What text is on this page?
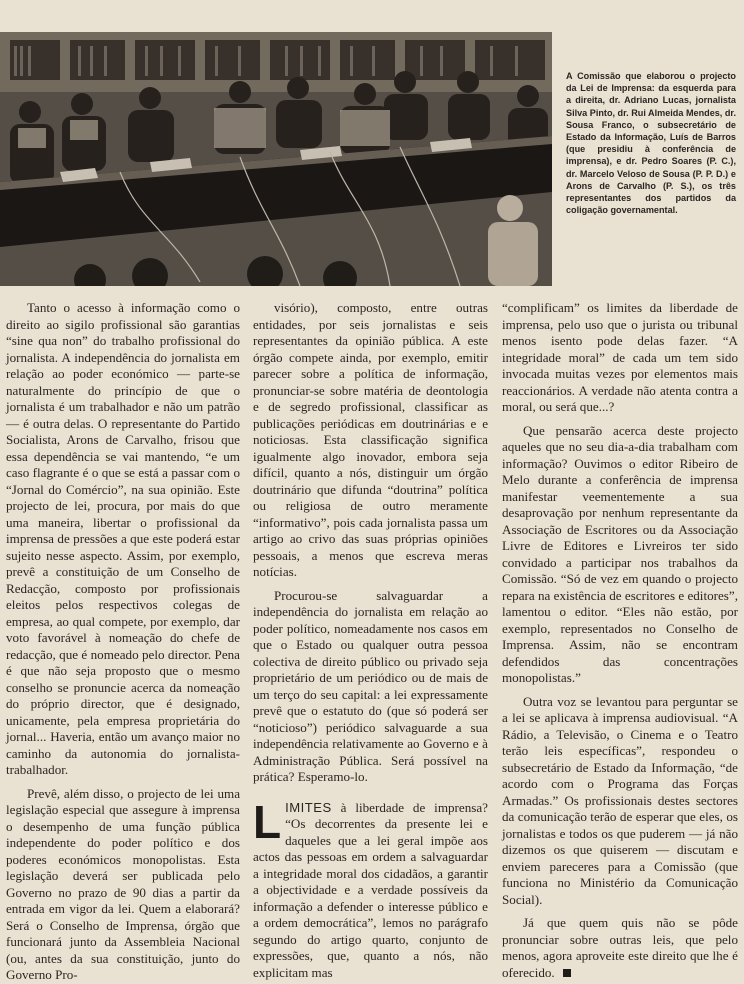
A Comissão que elaborou o projecto da Lei de Imprensa: da esquerda para a direita, dr. Adriano Lucas, jornalista Silva Pinto, dr. Rui Almeida Mendes, dr. Sousa Franco, o subsecretário de Estado da Informação, Luís de Barros (que presidiu à conferência de imprensa), e dr. Pedro Soares (P. C.), dr. Marcelo Veloso de Sousa (P. P. D.) e Arons de Carvalho (P. S.), os três representantes dos partidos da coligação governamental.

Tanto o acesso à informação como o direito ao sigilo profissional são garantias “sine qua non” do trabalho profissional do jornalista. A independência do jornalista em relação ao poder económico — parte-se naturalmente do princípio de que o jornalista é um trabalhador e não um patrão — é outra delas. O representante do Partido Socialista, Arons de Carvalho, frisou que essa dependência se vai mantendo, “e um caso flagrante é o que se está a passar com o “Jornal do Comércio”, na sua opinião. Este projecto de lei, procura, por mais do que uma maneira, libertar o profissional da imprensa de pressões a que este poderá estar sujeito nesse aspecto. Assim, por exemplo, prevê a constituição de um Conselho de Redacção, composto por profissionais eleitos pelos respectivos colegas de empresa, ao qual compete, por exemplo, dar voto favorável à nomeação do chefe de redacção, que é nomeado pelo director. Pena é que não seja proposto que o mesmo conselho se pronuncie acerca da nomeação do próprio director, que é designado, unicamente, pela empresa proprietária do jornal... Haveria, então um avanço maior no caminho da autonomia do jornalista-trabalhador.

Prevê, além disso, o projecto de lei uma legislação especial que assegure à imprensa o desempenho de uma função pública independente do poder político e dos poderes económicos monopolistas. Esta legislação deverá ser publicada pelo Governo no prazo de 90 dias a partir da entrada em vigor da lei. Quem a elaborará? Será o Conselho de Imprensa, órgão que funcionará junto da Assembleia Nacional (ou, antes da sua constituição, junto do Governo Pro-

visório), composto, entre outras entidades, por seis jornalistas e seis representantes da opinião pública. A este órgão compete ainda, por exemplo, emitir parecer sobre a política de informação, pronunciar-se sobre matéria de deontologia e de segredo profissional, classificar as publicações periódicas em doutrinárias e e noticiosas. Esta classificação significa igualmente algo inovador, embora seja difícil, quanto a nós, distinguir um órgão doutrinário que difunda “doutrina” política ou religiosa de outro meramente “informativo”, pois cada jornalista passa um artigo ao crivo das suas próprias opiniões pessoais, a menos que escreva meras notícias.

Procurou-se salvaguardar a independência do jornalista em relação ao poder político, nomeadamente nos casos em que o Estado ou qualquer outra pessoa colectiva de direito público ou privado seja proprietário de um periódico ou de mais de um terço do seu capital: a lei expressamente prevê que o estatuto do (que só poderá ser “noticioso”) periódico salvaguarde a sua independência relativamente ao Governo e à Administração Pública. Será possível na prática? Esperamo-lo.

LIMITES à liberdade de imprensa? “Os decorrentes da presente lei e daqueles que a lei geral impõe aos actos das pessoas em ordem a salvaguardar a integridade moral dos cidadãos, a garantir a objectividade e a verdade possíveis da informação a defender o interesse público e a ordem democrática”, lemos no parágrafo segundo do artigo quarto, conjunto de expressões, que, quanto a nós, não explicitam mas

“complificam” os limites da liberdade de imprensa, pelo uso que o jurista ou tribunal menos isento pode delas fazer. “A integridade moral” de cada um tem sido invocada muitas vezes por elementos mais reaccionários. A verdade não atenta contra a moral, ou será que...?

Que pensarão acerca deste projecto aqueles que no seu dia-a-dia trabalham com informação? Ouvimos o editor Ribeiro de Melo durante a conferência de imprensa manifestar veementemente a sua desaprovação por nenhum representante da Associação de Escritores ou da Associação Livre de Editores e Livreiros ter sido convidado a participar nos trabalhos da Comissão. “Só de vez em quando o projecto repara na existência de escritores e editores”, lamentou o editor. “Eles não estão, por exemplo, representados no Conselho de Imprensa. Assim, não se encontram defendidos das concentrações monopolistas.”

Outra voz se levantou para perguntar se a lei se aplicava à imprensa audiovisual. “A Rádio, a Televisão, o Cinema e o Teatro terão leis específicas”, respondeu o subsecretário de Estado da Informação, “de acordo com o Programa das Forças Armadas.” Os profissionais destes sectores da comunicação terão de esperar que eles, os jornalistas e todos os que puderem — já não dizemos os que quiserem — discutam e enviem pareceres para a Comissão (que funciona no Ministério da Comunicação Social).

Já que quem quis não se pôde pronunciar sobre outras leis, que pelo menos, agora aproveite este direito que lhe é oferecido.
